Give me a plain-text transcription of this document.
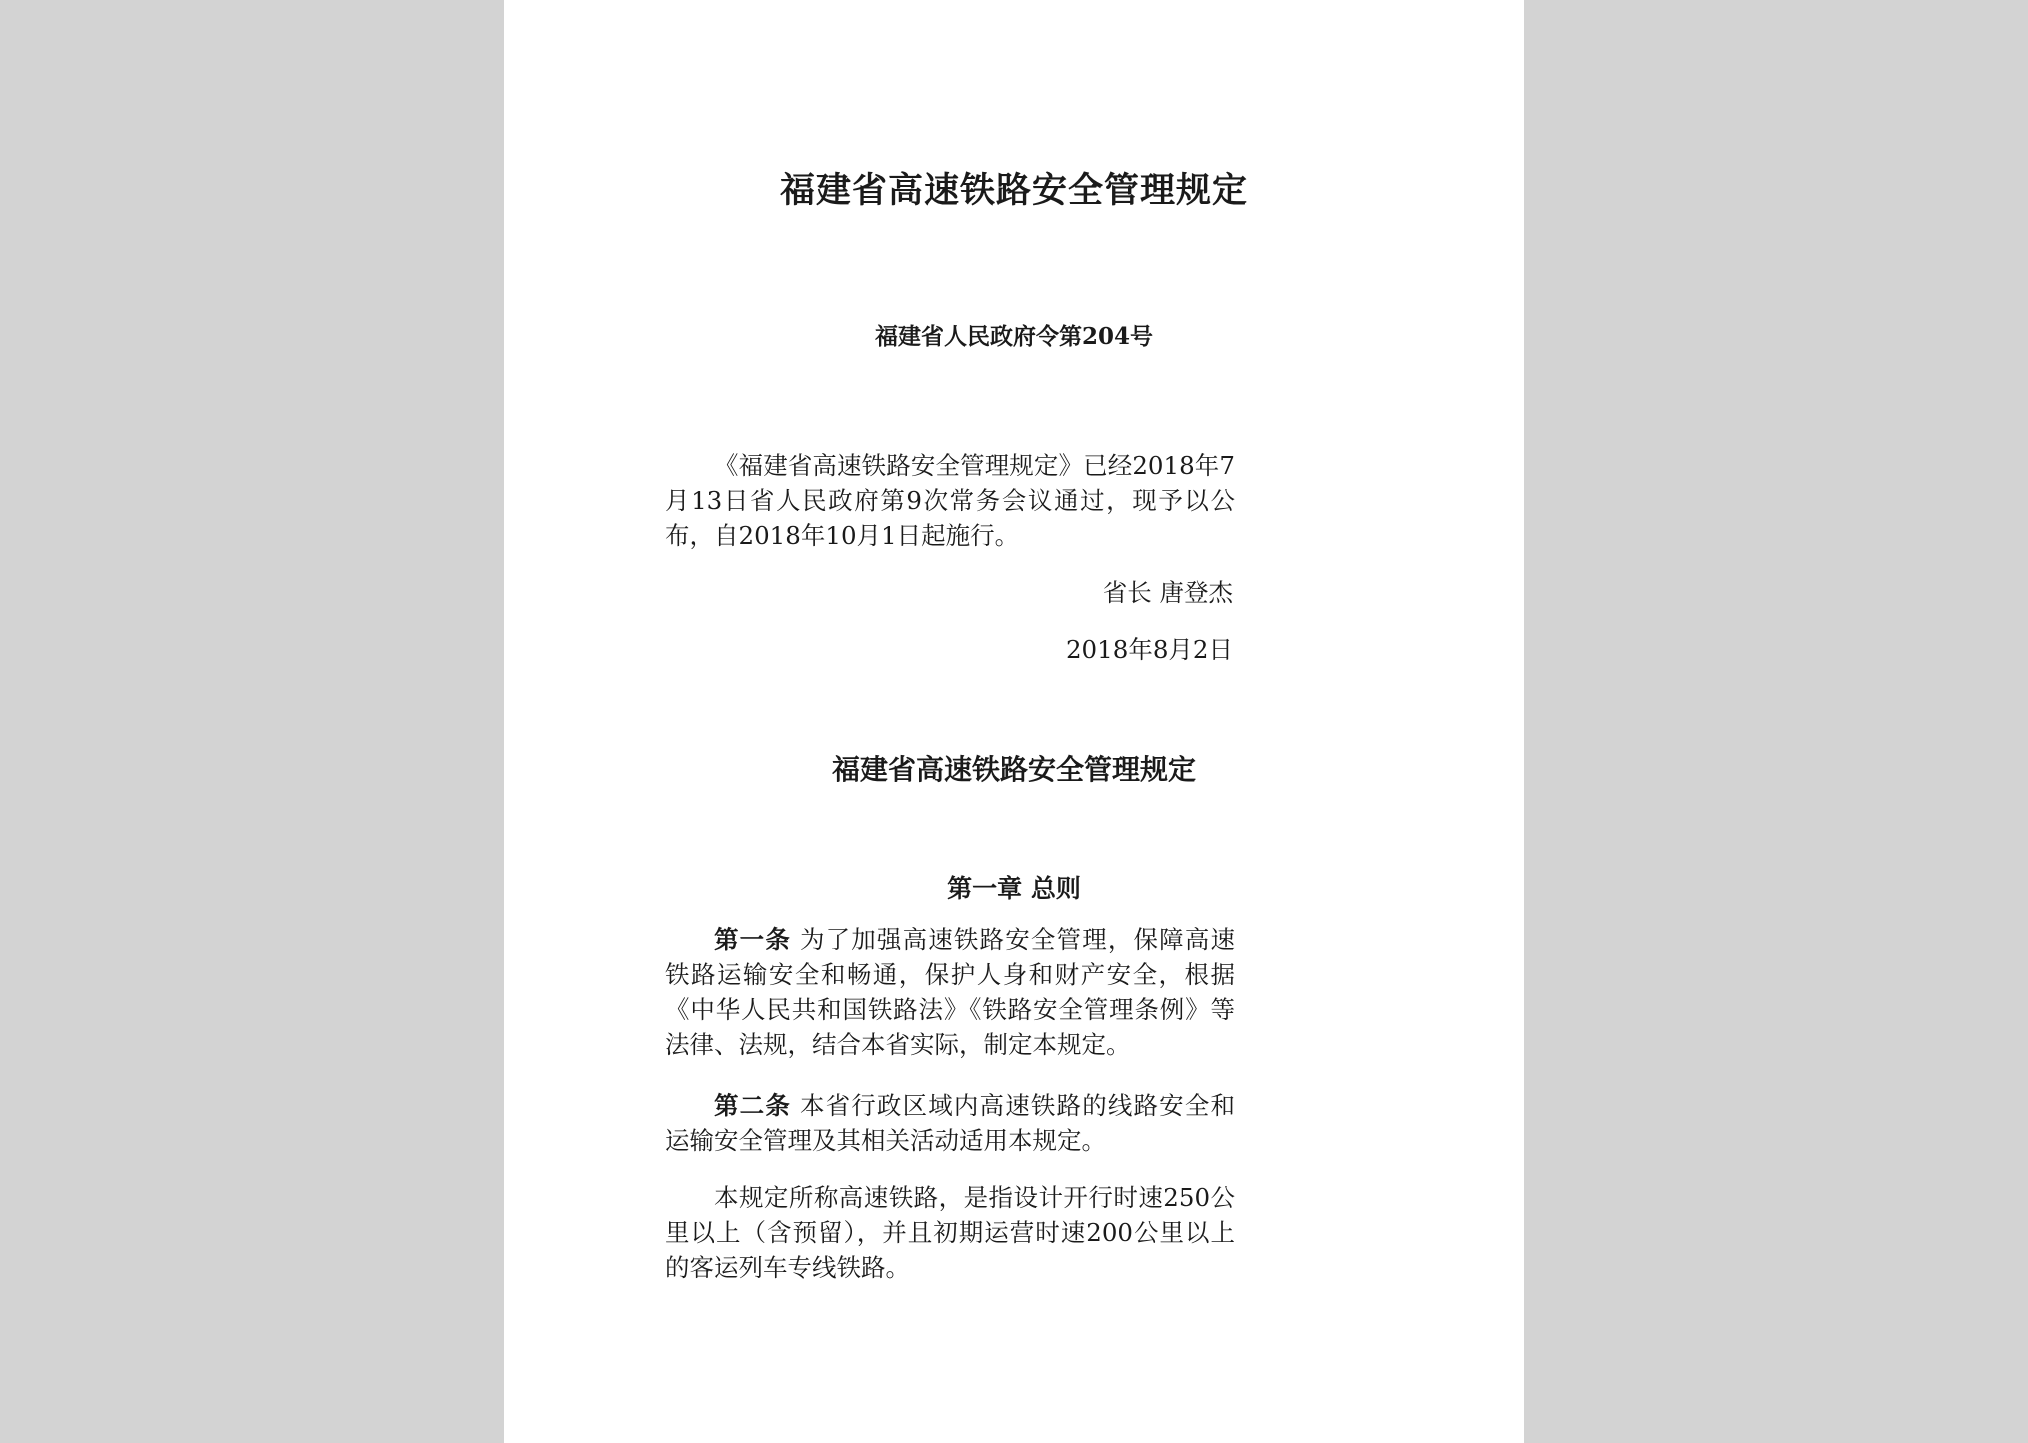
福建省高速铁路安全管理规定
福建省人民政府令第204号
《福建省高速铁路安全管理规定》已经2018年7月13日省人民政府第9次常务会议通过，现予以公布，自2018年10月1日起施行。
省长 唐登杰
2018年8月2日
福建省高速铁路安全管理规定
第一章 总则
第一条 为了加强高速铁路安全管理，保障高速铁路运输安全和畅通，保护人身和财产安全，根据《中华人民共和国铁路法》《铁路安全管理条例》等法律、法规，结合本省实际，制定本规定。
第二条 本省行政区域内高速铁路的线路安全和运输安全管理及其相关活动适用本规定。
本规定所称高速铁路，是指设计开行时速250公里以上（含预留），并且初期运营时速200公里以上的客运列车专线铁路。
